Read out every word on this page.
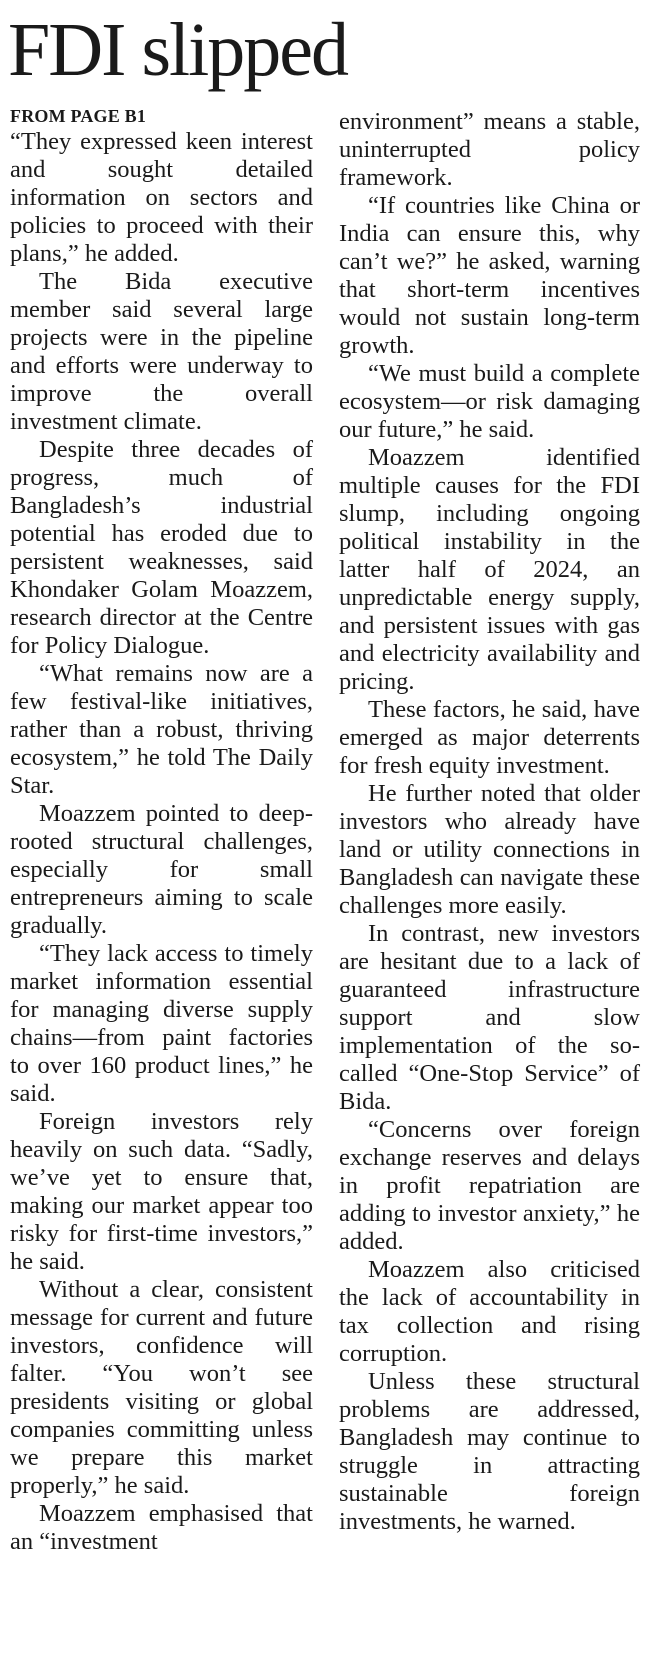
FDI slipped
FROM PAGE B1

“They expressed keen interest and sought detailed information on sectors and policies to proceed with their plans,” he added.

The Bida executive member said several large projects were in the pipeline and efforts were underway to improve the overall investment climate.

Despite three decades of progress, much of Bangladesh’s industrial potential has eroded due to persistent weaknesses, said Khondaker Golam Moazzem, research director at the Centre for Policy Dialogue.

“What remains now are a few festival-like initiatives, rather than a robust, thriving ecosystem,” he told The Daily Star.

Moazzem pointed to deep-rooted structural challenges, especially for small entrepreneurs aiming to scale gradually.

“They lack access to timely market information essential for managing diverse supply chains—from paint factories to over 160 product lines,” he said.

Foreign investors rely heavily on such data. “Sadly, we’ve yet to ensure that, making our market appear too risky for first-time investors,” he said.

Without a clear, consistent message for current and future investors, confidence will falter. “You won’t see presidents visiting or global companies committing unless we prepare this market properly,” he said.

Moazzem emphasised that an “investment

environment” means a stable, uninterrupted policy framework.

“If countries like China or India can ensure this, why can’t we?” he asked, warning that short-term incentives would not sustain long-term growth.

“We must build a complete ecosystem—or risk damaging our future,” he said.

Moazzem identified multiple causes for the FDI slump, including ongoing political instability in the latter half of 2024, an unpredictable energy supply, and persistent issues with gas and electricity availability and pricing.

These factors, he said, have emerged as major deterrents for fresh equity investment.

He further noted that older investors who already have land or utility connections in Bangladesh can navigate these challenges more easily.

In contrast, new investors are hesitant due to a lack of guaranteed infrastructure support and slow implementation of the so-called “One-Stop Service” of Bida.

“Concerns over foreign exchange reserves and delays in profit repatriation are adding to investor anxiety,” he added.

Moazzem also criticised the lack of accountability in tax collection and rising corruption.

Unless these structural problems are addressed, Bangladesh may continue to struggle in attracting sustainable foreign investments, he warned.
